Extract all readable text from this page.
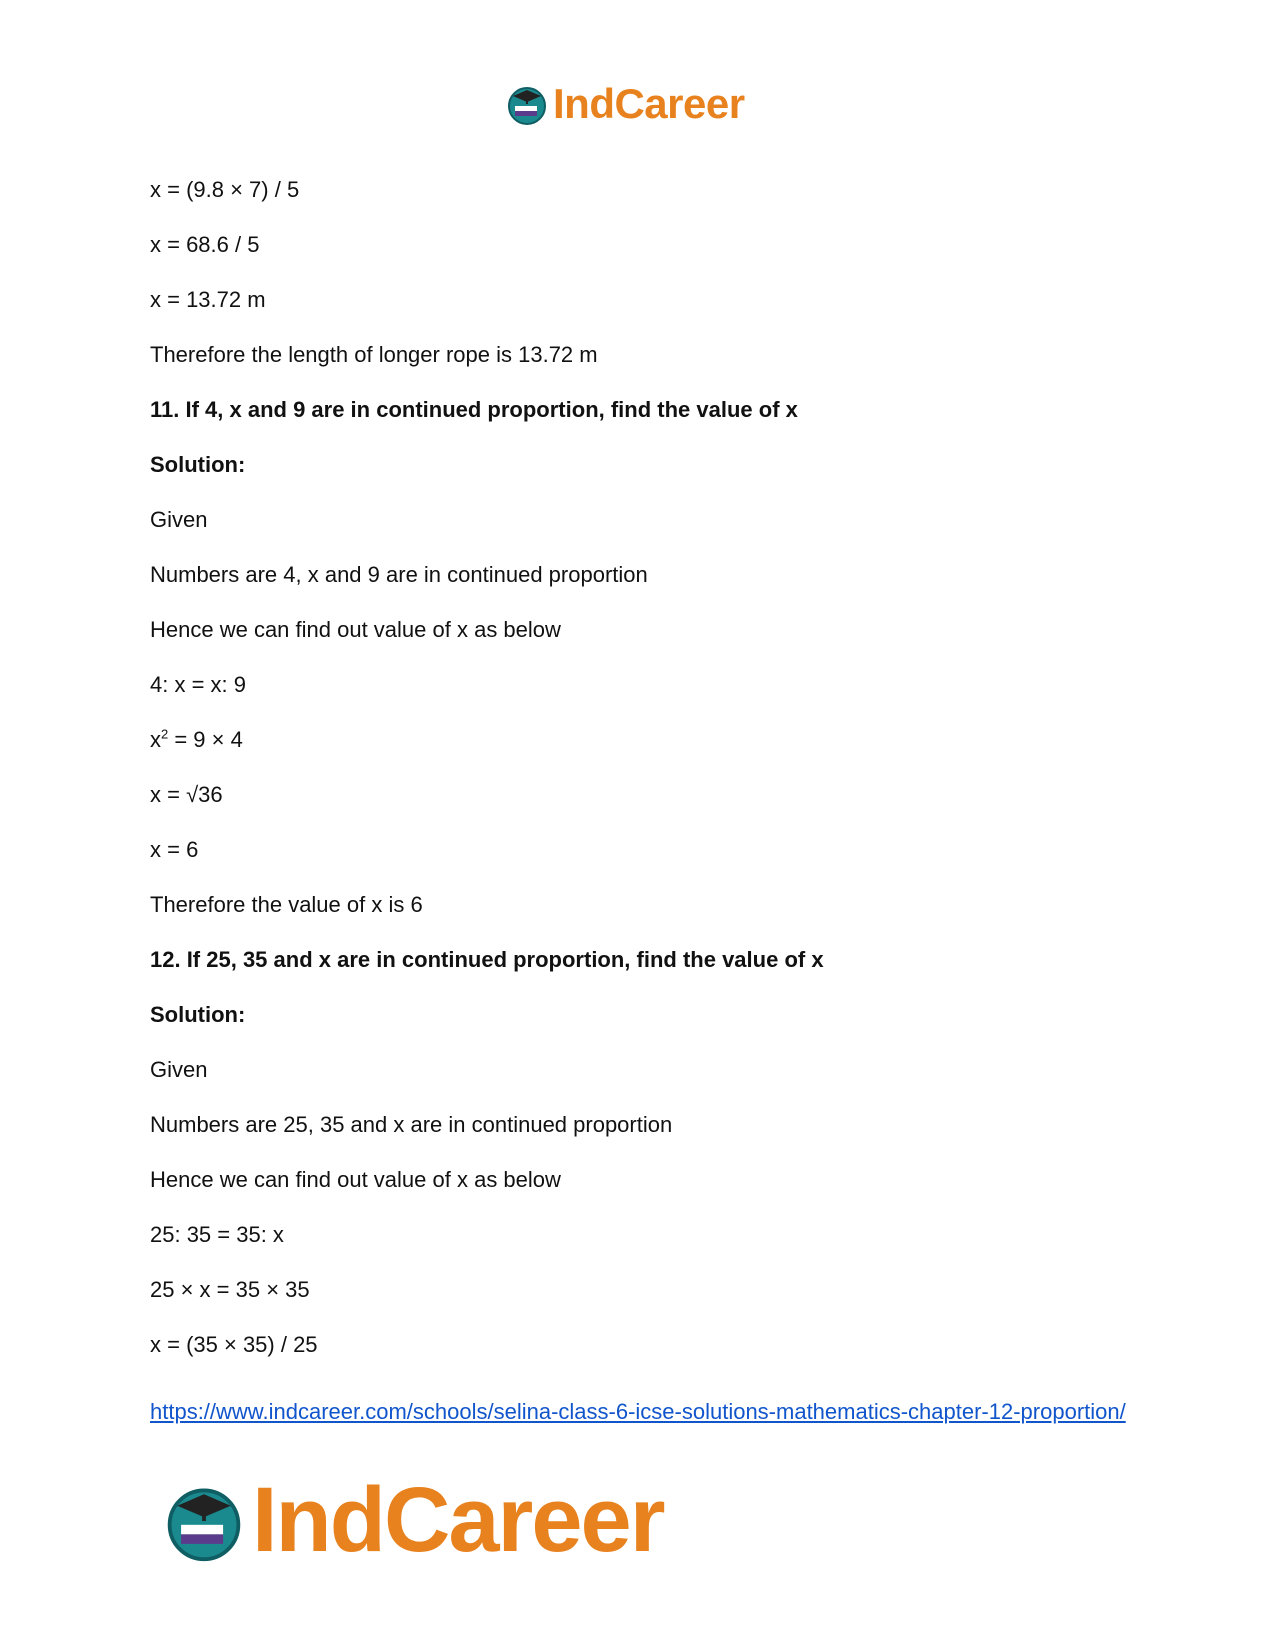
IndCareer
x = (9.8 × 7) / 5
x = 68.6 / 5
x = 13.72 m
Therefore the length of longer rope is 13.72 m
11. If 4, x and 9 are in continued proportion, find the value of x
Solution:
Given
Numbers are 4, x and 9 are in continued proportion
Hence we can find out value of x as below
4: x = x: 9
$x^2 = 9 \times 4$
x = √36
x = 6
Therefore the value of x is 6
12. If 25, 35 and x are in continued proportion, find the value of x
Solution:
Given
Numbers are 25, 35 and x are in continued proportion
Hence we can find out value of x as below
25: 35 = 35: x
25 × x = 35 × 35
x = (35 × 35) / 25
https://www.indcareer.com/schools/selina-class-6-icse-solutions-mathematics-chapter-12-proportion/
IndCareer
